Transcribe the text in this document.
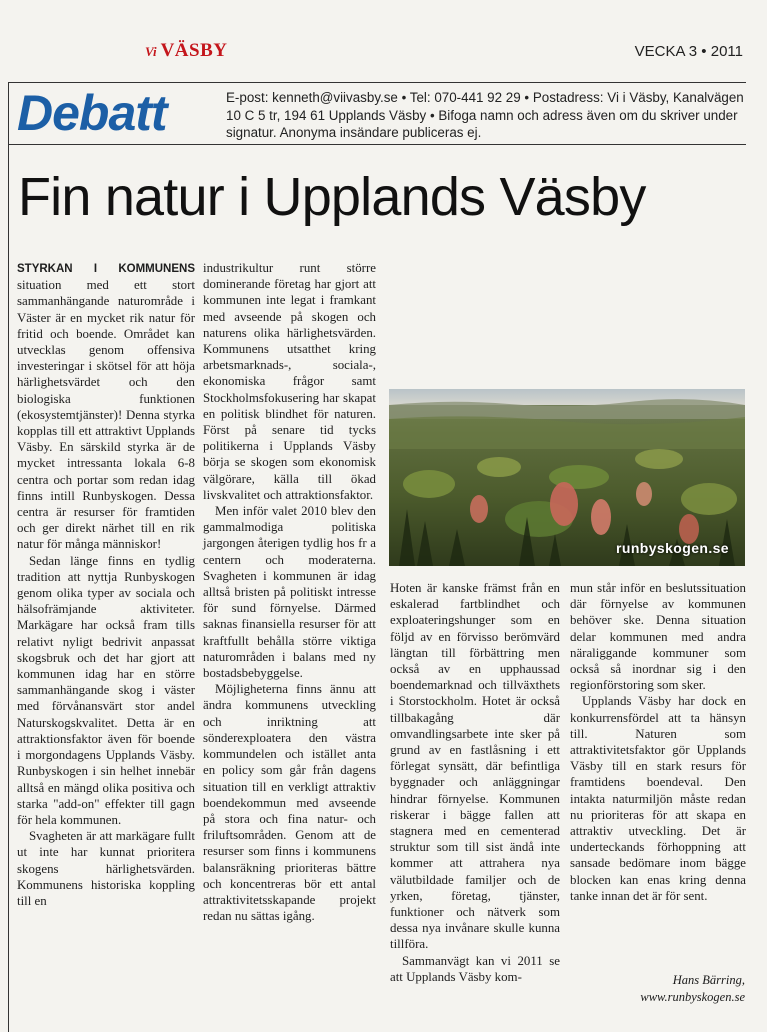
Vi VÄSBY	VECKA 3 • 2011
Debatt	E-post: kenneth@viivasby.se • Tel: 070-441 92 29 • Postadress: Vi i Väsby, Kanalvägen 10 C 5 tr, 194 61 Upplands Väsby • Bifoga namn och adress även om du skriver under signatur. Anonyma insändare publiceras ej.
Fin natur i Upplands Väsby

STYRKAN I KOMMUNENS situation med ett stort sammanhängande naturområde i Väster är en mycket rik natur för fritid och boende. Området kan utvecklas genom offensiva investeringar i skötsel för att höja härlighetsvärdet och den biologiska funktionen (ekosystemtjänster)! Denna styrka kopplas till ett attraktivt Upplands Väsby. En särskild styrka är de mycket intressanta lokala 6-8 centra och portar som redan idag finns intill Runbyskogen. Dessa centra är resurser för framtiden och ger direkt närhet till en rik natur för många människor!

Sedan länge finns en tydlig tradition att nyttja Runbyskogen genom olika typer av sociala och hälsofrämjande aktiviteter. Markägare har också fram tills relativt nyligt bedrivit anpassat skogsbruk och det har gjort att kommunen idag har en större sammanhängande skog i väster med förvånansvärt stor andel Naturskogskvalitet. Detta är en attraktionsfaktor även för boende i morgondagens Upplands Väsby. Runbyskogen i sin helhet innebär alltså en mängd olika positiva och starka "add-on" effekter till gagn för hela kommunen.

Svagheten är att markägare fullt ut inte har kunnat prioritera skogens härlighetsvärden. Kommunens historiska koppling till en

industrikultur runt större dominerande företag har gjort att kommunen inte legat i framkant med avseende på skogen och naturens olika härlighetsvärden. Kommunens utsatthet kring arbetsmarknads-, sociala-, ekonomiska frågor samt Stockholmsfokusering har skapat en politisk blindhet för naturen. Först på senare tid tycks politikerna i Upplands Väsby börja se skogen som ekonomisk välgörare, källa till ökad livskvalitet och attraktionsfaktor.

Men inför valet 2010 blev den gammalmodiga politiska jargongen återigen tydlig hos fr a centern och moderaterna. Svagheten i kommunen är idag alltså bristen på politiskt intresse för sund förnyelse. Därmed saknas finansiella resurser för att kraftfullt behålla större viktiga naturområden i balans med ny bostadsbebyggelse.

Möjligheterna finns ännu att ändra kommunens utveckling och inriktning att sönderexploatera den västra kommundelen och istället anta en policy som går från dagens situation till en verkligt attraktiv boendekommun med avseende på stora och fina natur- och friluftsområden. Genom att de resurser som finns i kommunens balansräkning prioriteras bättre och koncentreras bör ett antal attraktivitetsskapande projekt redan nu sättas igång.

runbyskogen.se

Hoten är kanske främst från en eskalerad fartblindhet och exploateringshunger som en följd av en förvisso berömvärd längtan till förbättring men också av en upphaussad boendemarknad och tillväxthets i Storstockholm. Hotet är också tillbakagång där omvandlingsarbete inte sker på grund av en fastlåsning i ett förlegat synsätt, där befintliga byggnader och anläggningar hindrar förnyelse. Kommunen riskerar i bägge fallen att stagnera med en cementerad struktur som till sist ändå inte kommer att attrahera nya välutbildade familjer och de yrken, företag, tjänster, funktioner och nätverk som dessa nya invånare skulle kunna tillföra.

Sammanvägt kan vi 2011 se att Upplands Väsby kom-

mun står inför en beslutssituation där förnyelse av kommunen behöver ske. Denna situation delar kommunen med andra näraliggande kommuner som också så inordnar sig i den regionförstoring som sker.

Upplands Väsby har dock en konkurrensfördel att ta hänsyn till. Naturen som attraktivitetsfaktor gör Upplands Väsby till en stark resurs för framtidens boendeval. Den intakta naturmiljön måste redan nu prioriteras för att skapa en attraktiv utveckling. Det är underteckands förhoppning att sansade bedömare inom bägge blocken kan enas kring denna tanke innan det är för sent.

Hans Bärring,
www.runbyskogen.se
